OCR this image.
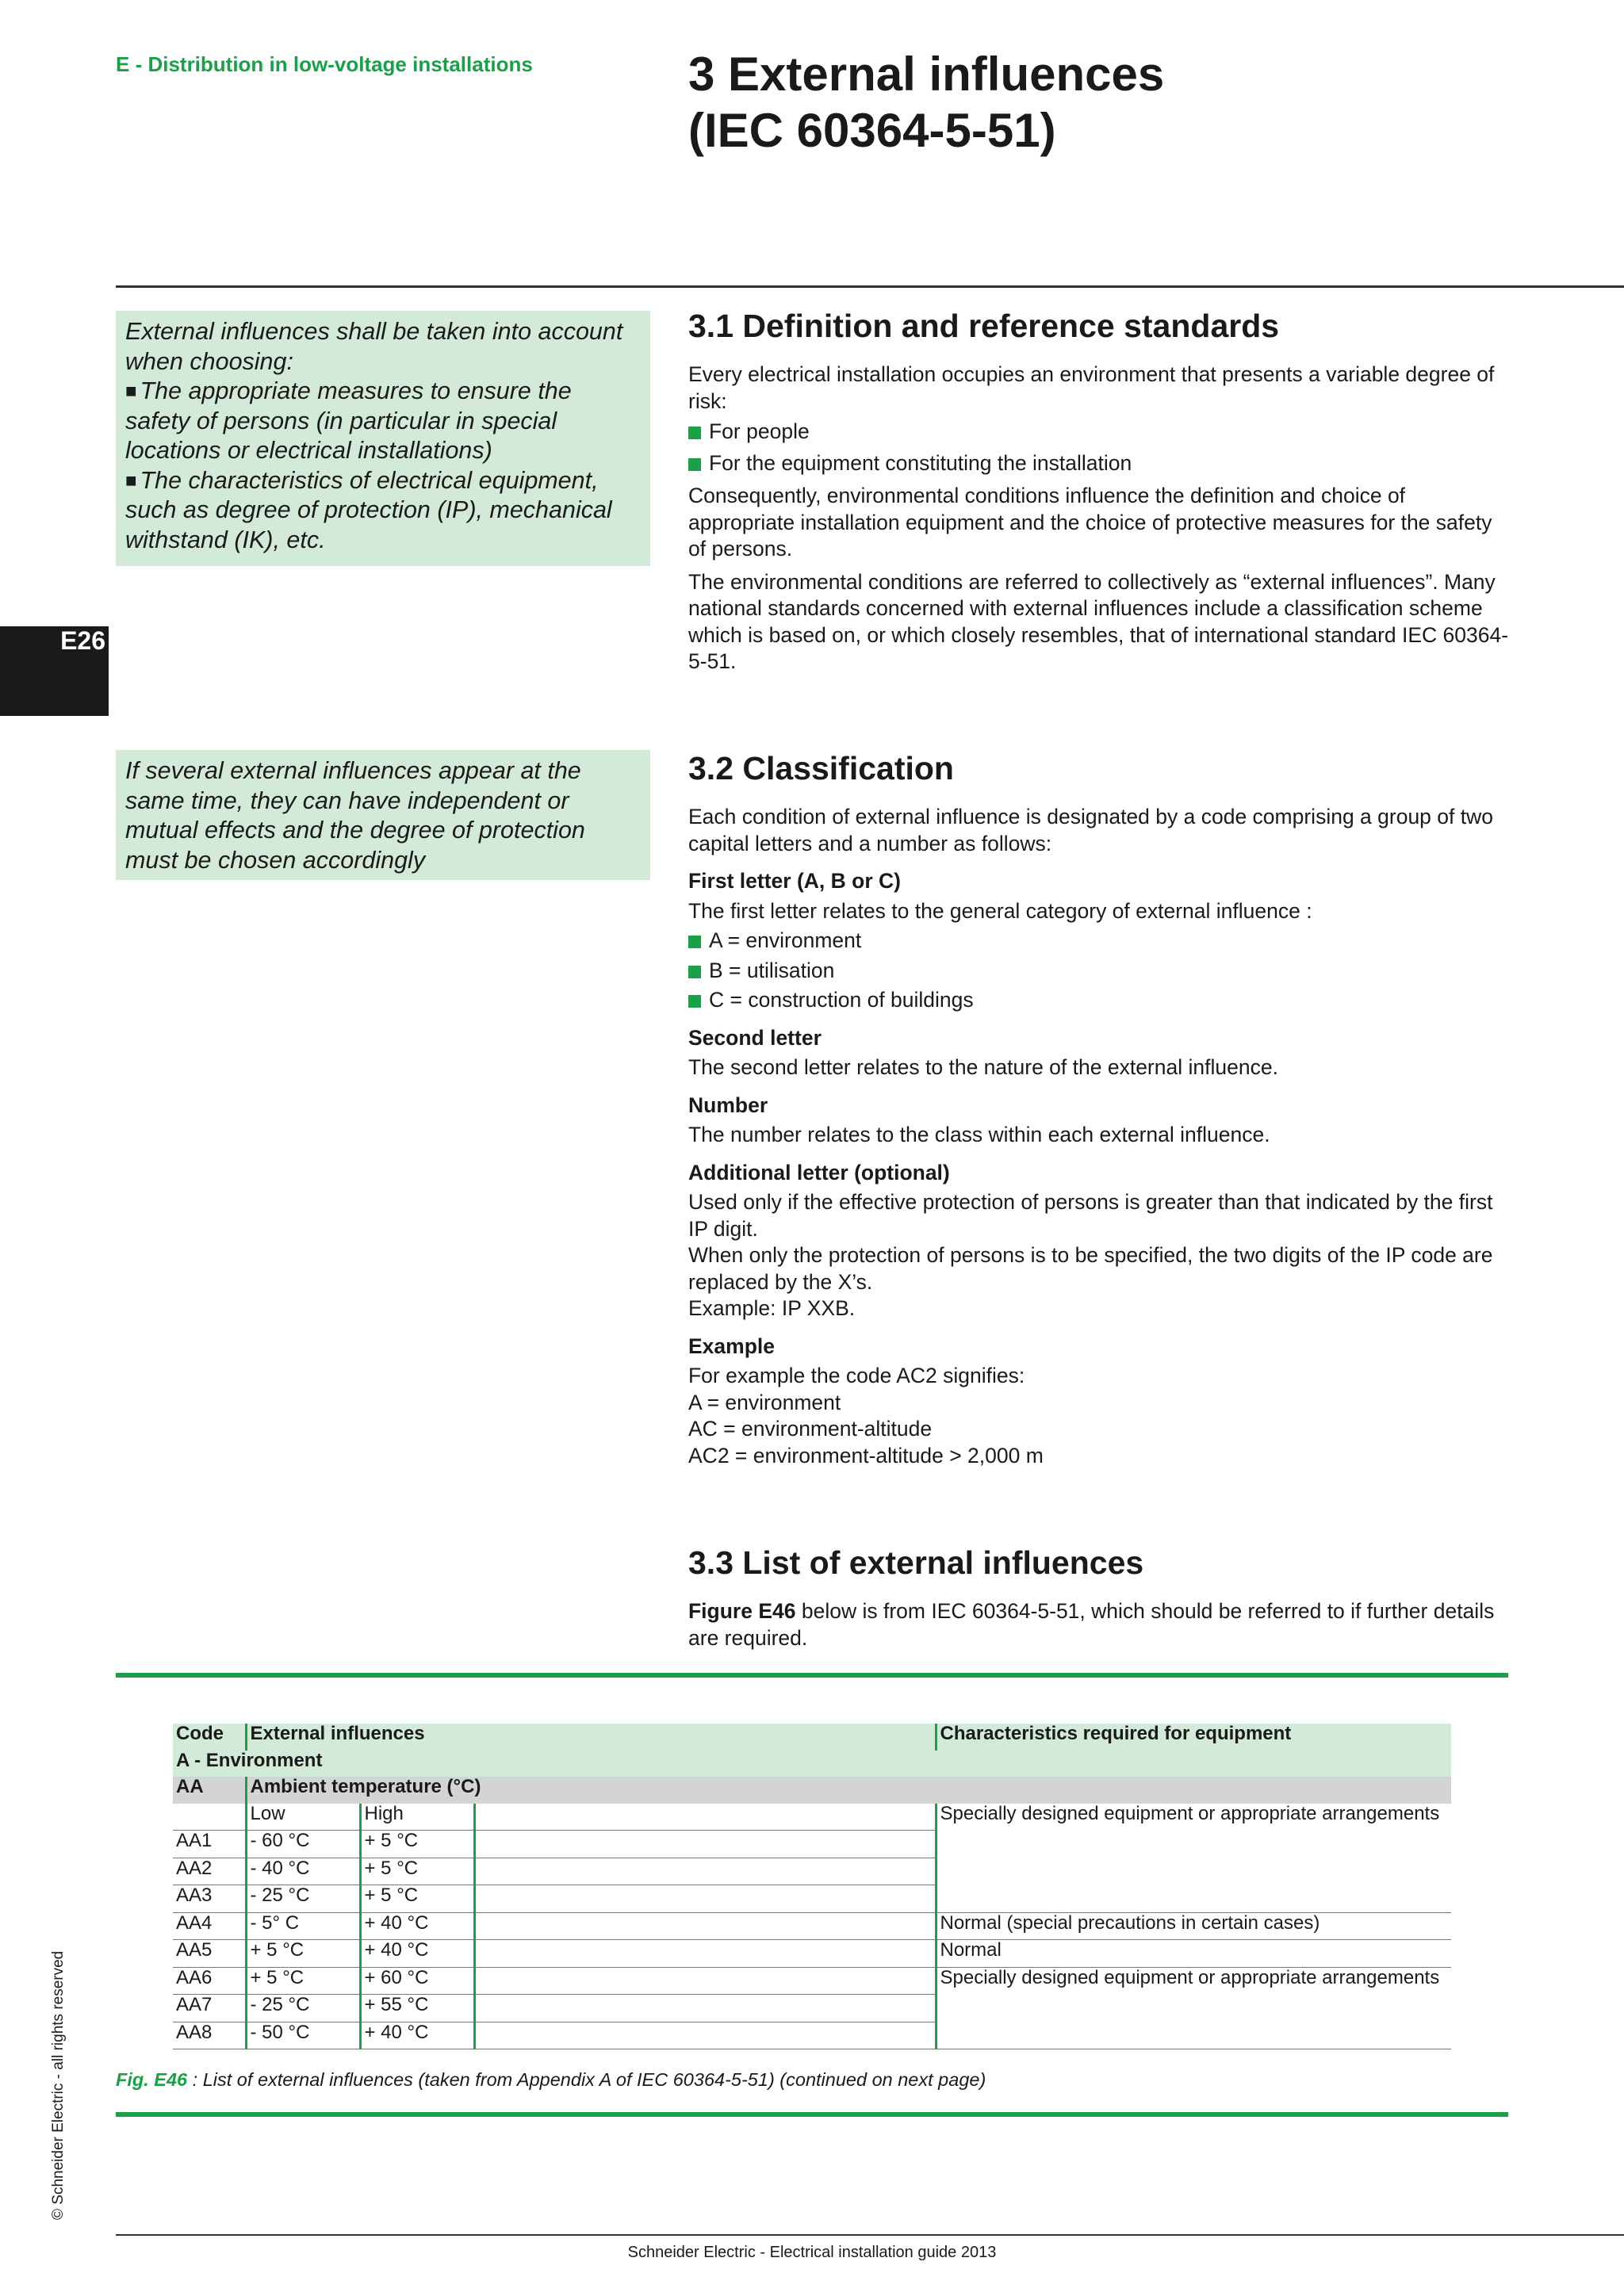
E - Distribution in low-voltage installations	3 External influences
(IEC 60364-5-51)

External influences shall be taken into account when choosing:

■ The appropriate measures to ensure the safety of persons (in particular in special locations or electrical installations)

■ The characteristics of electrical equipment, such as degree of protection (IP), mechanical withstand (IK), etc.

E26

If several external influences appear at the same time, they can have independent or mutual effects and the degree of protection must be chosen accordingly

3.1 Definition and reference standards

Every electrical installation occupies an environment that presents a variable degree of risk:

For people

For the equipment constituting the installation

Consequently, environmental conditions influence the definition and choice of appropriate installation equipment and the choice of protective measures for the safety of persons.

The environmental conditions are referred to collectively as “external influences”. Many national standards concerned with external influences include a classification scheme which is based on, or which closely resembles, that of international standard IEC 60364-5-51.

3.2 Classification

Each condition of external influence is designated by a code comprising a group of two capital letters and a number as follows:

First letter (A, B or C)

The first letter relates to the general category of external influence :

A = environment

B = utilisation

C = construction of buildings

Second letter

The second letter relates to the nature of the external influence.

Number

The number relates to the class within each external influence.

Additional letter (optional)

Used only if the effective protection of persons is greater than that indicated by the first IP digit.

When only the protection of persons is to be specified, the two digits of the IP code are replaced by the X’s.

Example: IP XXB.

Example

For example the code AC2 signifies:

A = environment

AC = environment-altitude

AC2 = environment-altitude > 2,000 m

3.3 List of external influences

Figure E46 below is from IEC 60364-5-51, which should be referred to if further details are required.

Code	External influences			Characteristics required for equipment
A - Environment				
AA	Ambient temperature (°C)			
	Low	High		Specially designed equipment or appropriate arrangements
AA1	- 60 °C	+ 5 °C		
AA2	- 40 °C	+ 5 °C		
AA3	- 25 °C	+ 5 °C		
AA4	- 5° C	+ 40 °C		Normal (special precautions in certain cases)
AA5	+ 5 °C	+ 40 °C		Normal
AA6	+ 5 °C	+ 60 °C		Specially designed equipment or appropriate arrangements
AA7	- 25 °C	+ 55 °C		
AA8	- 50 °C	+ 40 °C		
Fig. E46 : List of external influences (taken from Appendix A of IEC 60364-5-51) (continued on next page)
© Schneider Electric - all rights reserved
Schneider Electric - Electrical installation guide 2013
